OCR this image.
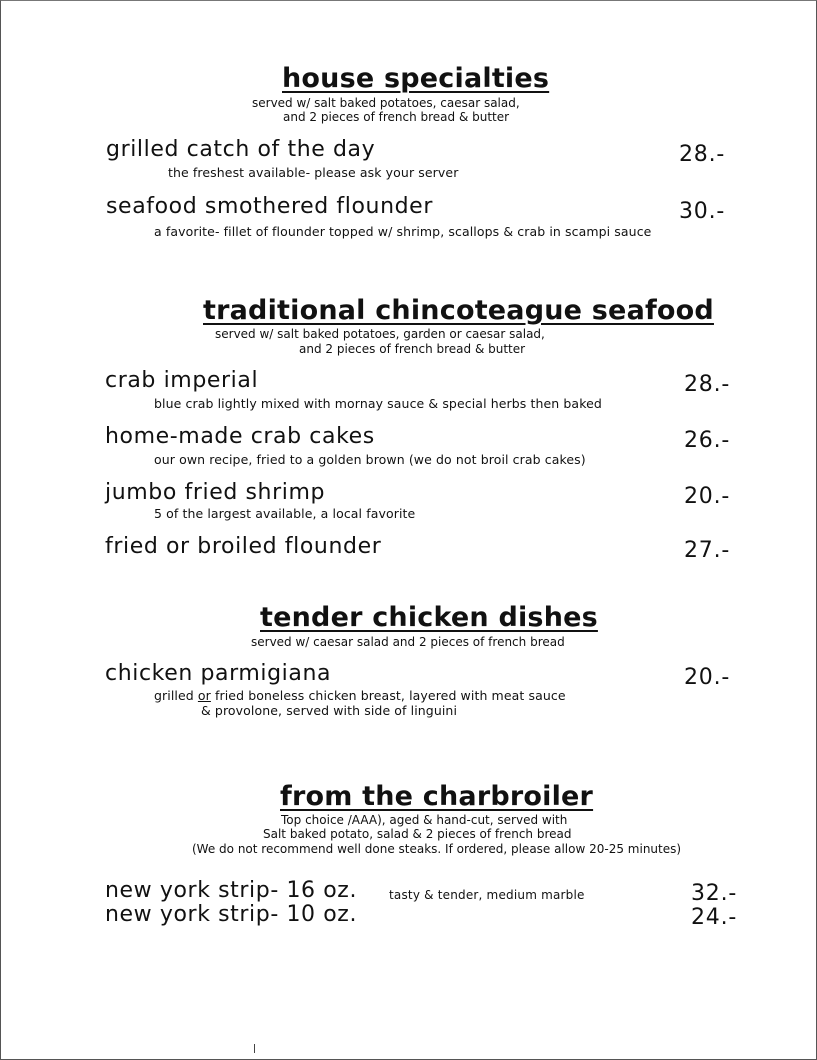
house specialties
served w/ salt baked potatoes, caesar salad,
and 2 pieces of french bread & butter
grilled catch of the day	28.-
the freshest available- please ask your server
seafood smothered flounder	30.-
a favorite- fillet of flounder topped w/ shrimp, scallops & crab in scampi sauce
traditional chincoteague seafood
served w/ salt baked potatoes, garden or caesar salad,
and 2 pieces of french bread & butter
crab imperial	28.-
blue crab lightly mixed with mornay sauce & special herbs then baked
home-made crab cakes	26.-
our own recipe, fried to a golden brown (we do not broil crab cakes)
jumbo fried shrimp	20.-
5 of the largest available, a local favorite
fried or broiled flounder	27.-
tender chicken dishes
served w/ caesar salad and 2 pieces of french bread
chicken parmigiana	20.-
grilled or fried boneless chicken breast, layered with meat sauce
& provolone, served with side of linguini
from the charbroiler
Top choice /AAA), aged & hand-cut, served with
Salt baked potato, salad & 2 pieces of french bread
(We do not recommend well done steaks. If ordered, please allow 20-25 minutes)
new york strip- 16 oz.	tasty & tender, medium marble	32.-
new york strip- 10 oz.	24.-
